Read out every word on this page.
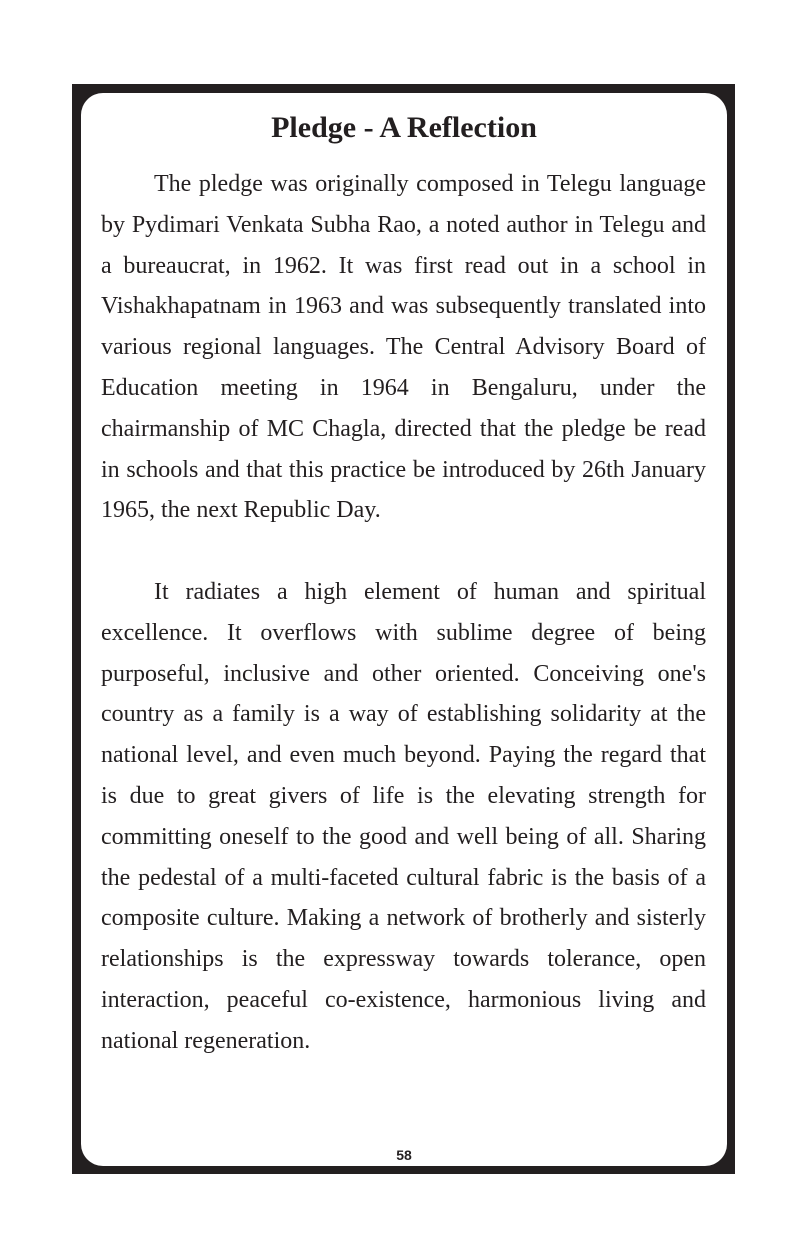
Pledge - A Reflection

The pledge was originally composed in Telegu language by Pydimari Venkata Subha Rao, a noted author in Telegu and a bureaucrat, in 1962. It was first read out in a school in Vishakhapatnam in 1963 and was subsequently translated into various regional languages. The Central Advisory Board of Education meeting in 1964 in Bengaluru, under the chairmanship of MC Chagla, directed that the pledge be read in schools and that this practice be introduced by 26th January 1965, the next Republic Day.

It radiates a high element of human and spiritual excellence. It overflows with sublime degree of being purposeful, inclusive and other oriented. Conceiving one's country as a family is a way of establishing solidarity at the national level, and even much beyond. Paying the regard that is due to great givers of life is the elevating strength for committing oneself to the good and well being of all. Sharing the pedestal of a multi-faceted cultural fabric is the basis of a composite culture. Making a network of brotherly and sisterly relationships is the expressway towards tolerance, open interaction, peaceful co-existence, harmonious living and national regeneration.

58
